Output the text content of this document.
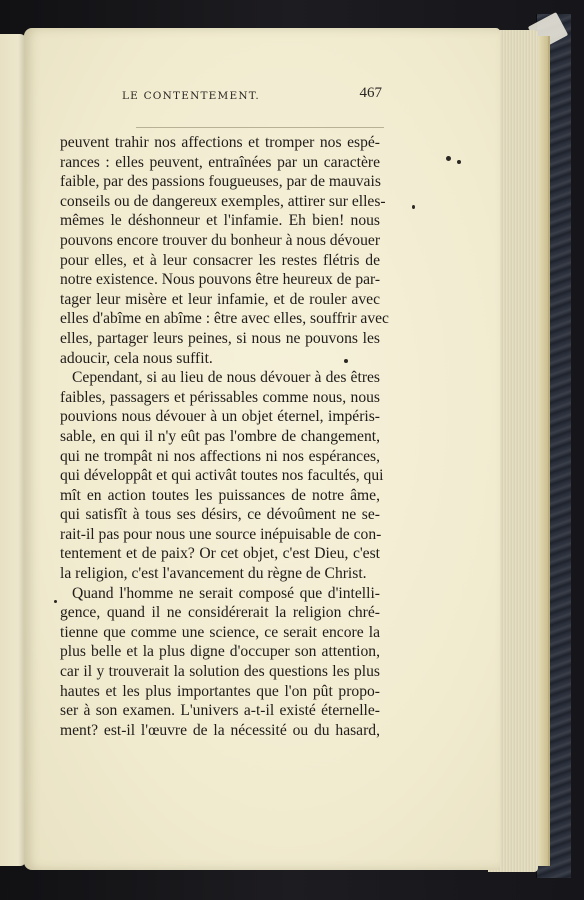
LE CONTENTEMENT.	467
peuvent trahir nos affections et tromper nos espé-
rances : elles peuvent, entraînées par un caractère
faible, par des passions fougueuses, par de mauvais
conseils ou de dangereux exemples, attirer sur elles-
mêmes le déshonneur et l'infamie. Eh bien! nous
pouvons encore trouver du bonheur à nous dévouer
pour elles, et à leur consacrer les restes flétris de
notre existence. Nous pouvons être heureux de par-
tager leur misère et leur infamie, et de rouler avec
elles d'abîme en abîme : être avec elles, souffrir avec
elles, partager leurs peines, si nous ne pouvons les
adoucir, cela nous suffit.
Cependant, si au lieu de nous dévouer à des êtres
faibles, passagers et périssables comme nous, nous
pouvions nous dévouer à un objet éternel, impéris-
sable, en qui il n'y eût pas l'ombre de changement,
qui ne trompât ni nos affections ni nos espérances,
qui développât et qui activât toutes nos facultés, qui
mît en action toutes les puissances de notre âme,
qui satisfît à tous ses désirs, ce dévoûment ne se-
rait-il pas pour nous une source inépuisable de con-
tentement et de paix? Or cet objet, c'est Dieu, c'est
la religion, c'est l'avancement du règne de Christ.
Quand l'homme ne serait composé que d'intelli-
gence, quand il ne considérerait la religion chré-
tienne que comme une science, ce serait encore la
plus belle et la plus digne d'occuper son attention,
car il y trouverait la solution des questions les plus
hautes et les plus importantes que l'on pût propo-
ser à son examen. L'univers a-t-il existé éternelle-
ment? est-il l'œuvre de la nécessité ou du hasard,
